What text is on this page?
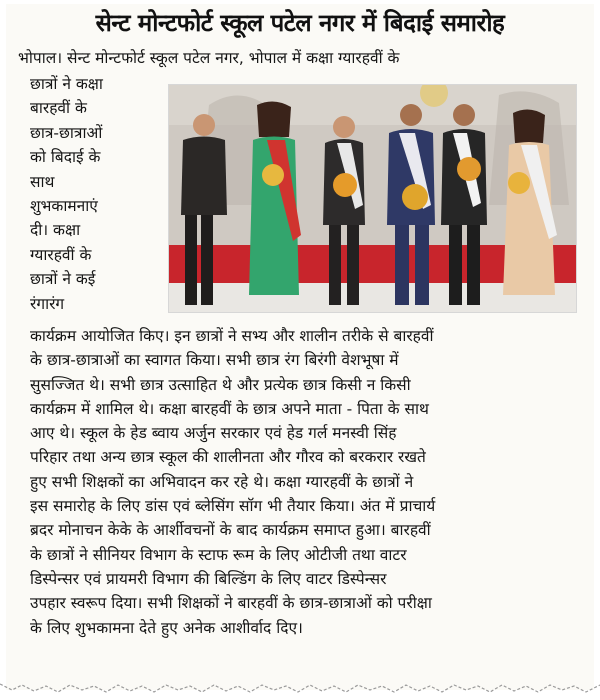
सेन्ट मोन्टफोर्ट स्कूल पटेल नगर में बिदाई समारोह
भोपाल। सेन्ट मोन्टफोर्ट स्कूल पटेल नगर, भोपाल में कक्षा ग्यारहवीं के
छात्रों ने कक्षा
बारहवीं के
छात्र-छात्राओं
को बिदाई के
साथ
शुभकामनाएं
दी। कक्षा
ग्यारहवीं के
छात्रों ने कई
रंगारंग
कार्यक्रम आयोजित किए। इन छात्रों ने सभ्य और शालीन तरीके से बारहवीं
के छात्र-छात्राओं का स्वागत किया। सभी छात्र रंग बिरंगी वेशभूषा में
सुसज्जित थे। सभी छात्र उत्साहित थे और प्रत्येक छात्र किसी न किसी
कार्यक्रम में शामिल थे। कक्षा बारहवीं के छात्र अपने माता - पिता के साथ
आए थे। स्कूल के हेड ब्वाय अर्जुन सरकार एवं हेड गर्ल मनस्वी सिंह
परिहार तथा अन्य छात्र स्कूल की शालीनता और गौरव को बरकरार रखते
हुए सभी शिक्षकों का अभिवादन कर रहे थे। कक्षा ग्यारहवीं के छात्रों ने
इस समारोह के लिए डांस एवं ब्लेसिंग सॉग भी तैयार किया। अंत में प्राचार्य
ब्रदर मोनाचन केके के आर्शीवचनों के बाद कार्यक्रम समाप्त हुआ। बारहवीं
के छात्रों ने सीनियर विभाग के स्टाफ रूम के लिए ओटीजी तथा वाटर
डिस्पेन्सर एवं प्रायमरी विभाग की बिल्डिंग के लिए वाटर डिस्पेन्सर
उपहार स्वरूप दिया। सभी शिक्षकों ने बारहवीं के छात्र-छात्राओं को परीक्षा
के लिए शुभकामना देते हुए अनेक आशीर्वाद दिए।
